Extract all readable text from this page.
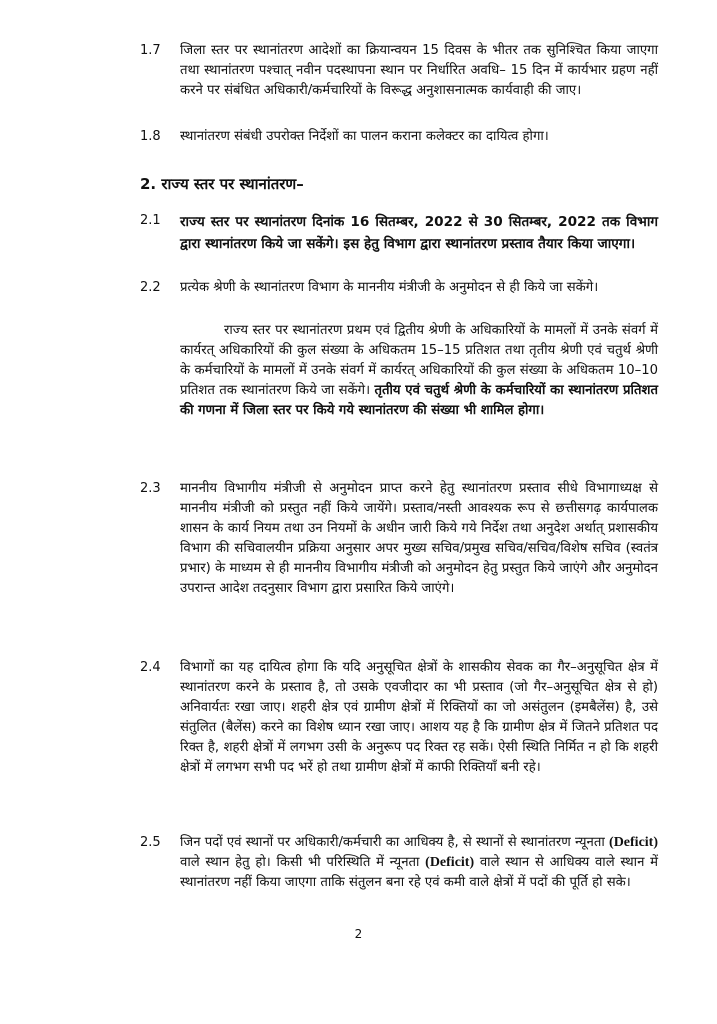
1.7 जिला स्तर पर स्थानांतरण आदेशों का क्रियान्वयन 15 दिवस के भीतर तक सुनिश्चित किया जाएगा तथा स्थानांतरण पश्चात् नवीन पदस्थापना स्थान पर निर्धारित अवधि– 15 दिन में कार्यभार ग्रहण नहीं करने पर संबंधित अधिकारी/कर्मचारियों के विरूद्ध अनुशासनात्मक कार्यवाही की जाए।

1.8 स्थानांतरण संबंधी उपरोक्त निर्देशों का पालन कराना कलेक्टर का दायित्व होगा।

2. राज्य स्तर पर स्थानांतरण–
2.1 राज्य स्तर पर स्थानांतरण दिनांक 16 सितम्बर, 2022 से 30 सितम्बर, 2022 तक विभाग द्वारा स्थानांतरण किये जा सकेंगे। इस हेतु विभाग द्वारा स्थानांतरण प्रस्ताव तैयार किया जाएगा।

2.2 प्रत्येक श्रेणी के स्थानांतरण विभाग के माननीय मंत्रीजी के अनुमोदन से ही किये जा सकेंगे।

राज्य स्तर पर स्थानांतरण प्रथम एवं द्वितीय श्रेणी के अधिकारियों के मामलों में उनके संवर्ग में कार्यरत् अधिकारियों की कुल संख्या के अधिकतम 15–15 प्रतिशत तथा तृतीय श्रेणी एवं चतुर्थ श्रेणी के कर्मचारियों के मामलों में उनके संवर्ग में कार्यरत् अधिकारियों की कुल संख्या के अधिकतम 10–10 प्रतिशत तक स्थानांतरण किये जा सकेंगे। तृतीय एवं चतुर्थ श्रेणी के कर्मचारियों का स्थानांतरण प्रतिशत की गणना में जिला स्तर पर किये गये स्थानांतरण की संख्या भी शामिल होगा।

2.3 माननीय विभागीय मंत्रीजी से अनुमोदन प्राप्त करने हेतु स्थानांतरण प्रस्ताव सीधे विभागाध्यक्ष से माननीय मंत्रीजी को प्रस्तुत नहीं किये जायेंगे। प्रस्ताव/नस्ती आवश्यक रूप से छत्तीसगढ़ कार्यपालक शासन के कार्य नियम तथा उन नियमों के अधीन जारी किये गये निर्देश तथा अनुदेश अर्थात् प्रशासकीय विभाग की सचिवालयीन प्रक्रिया अनुसार अपर मुख्य सचिव/प्रमुख सचिव/सचिव/विशेष सचिव (स्वतंत्र प्रभार) के माध्यम से ही माननीय विभागीय मंत्रीजी को अनुमोदन हेतु प्रस्तुत किये जाएंगे और अनुमोदन उपरान्त आदेश तदनुसार विभाग द्वारा प्रसारित किये जाएंगे।

2.4 विभागों का यह दायित्व होगा कि यदि अनुसूचित क्षेत्रों के शासकीय सेवक का गैर–अनुसूचित क्षेत्र में स्थानांतरण करने के प्रस्ताव है, तो उसके एवजीदार का भी प्रस्ताव (जो गैर–अनुसूचित क्षेत्र से हो) अनिवार्यतः रखा जाए। शहरी क्षेत्र एवं ग्रामीण क्षेत्रों में रिक्तियों का जो असंतुलन (इमबैलेंस) है, उसे संतुलित (बैलेंस) करने का विशेष ध्यान रखा जाए। आशय यह है कि ग्रामीण क्षेत्र में जितने प्रतिशत पद रिक्त है, शहरी क्षेत्रों में लगभग उसी के अनुरूप पद रिक्त रह सकें। ऐसी स्थिति निर्मित न हो कि शहरी क्षेत्रों में लगभग सभी पद भरें हो तथा ग्रामीण क्षेत्रों में काफी रिक्तियाँ बनी रहे।

2.5 जिन पदों एवं स्थानों पर अधिकारी/कर्मचारी का आधिक्य है, से स्थानों से स्थानांतरण न्यूनता (Deficit) वाले स्थान हेतु हो। किसी भी परिस्थिति में न्यूनता (Deficit) वाले स्थान से आधिक्य वाले स्थान में स्थानांतरण नहीं किया जाएगा ताकि संतुलन बना रहे एवं कमी वाले क्षेत्रों में पदों की पूर्ति हो सके।

2
